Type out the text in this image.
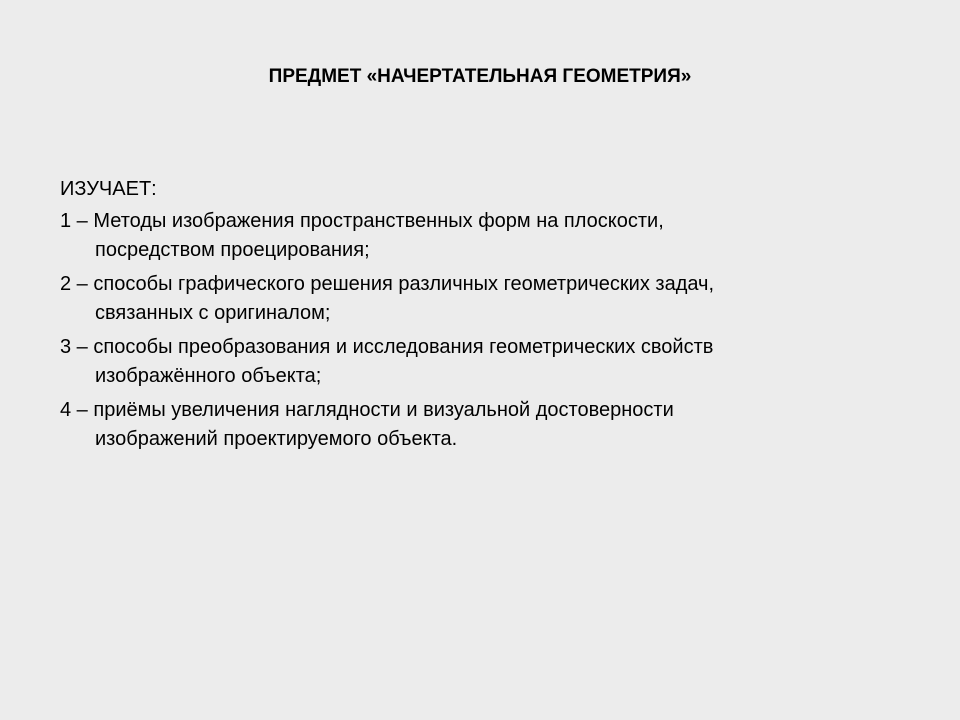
ПРЕДМЕТ «НАЧЕРТАТЕЛЬНАЯ ГЕОМЕТРИЯ»

ИЗУЧАЕТ:

1 – Методы изображения пространственных форм на плоскости,
посредством проецирования;
2 – способы графического решения различных геометрических задач,
связанных с оригиналом;
3 – способы преобразования и исследования геометрических свойств
изображённого объекта;
4 – приёмы увеличения наглядности и визуальной достоверности
изображений проектируемого объекта.
